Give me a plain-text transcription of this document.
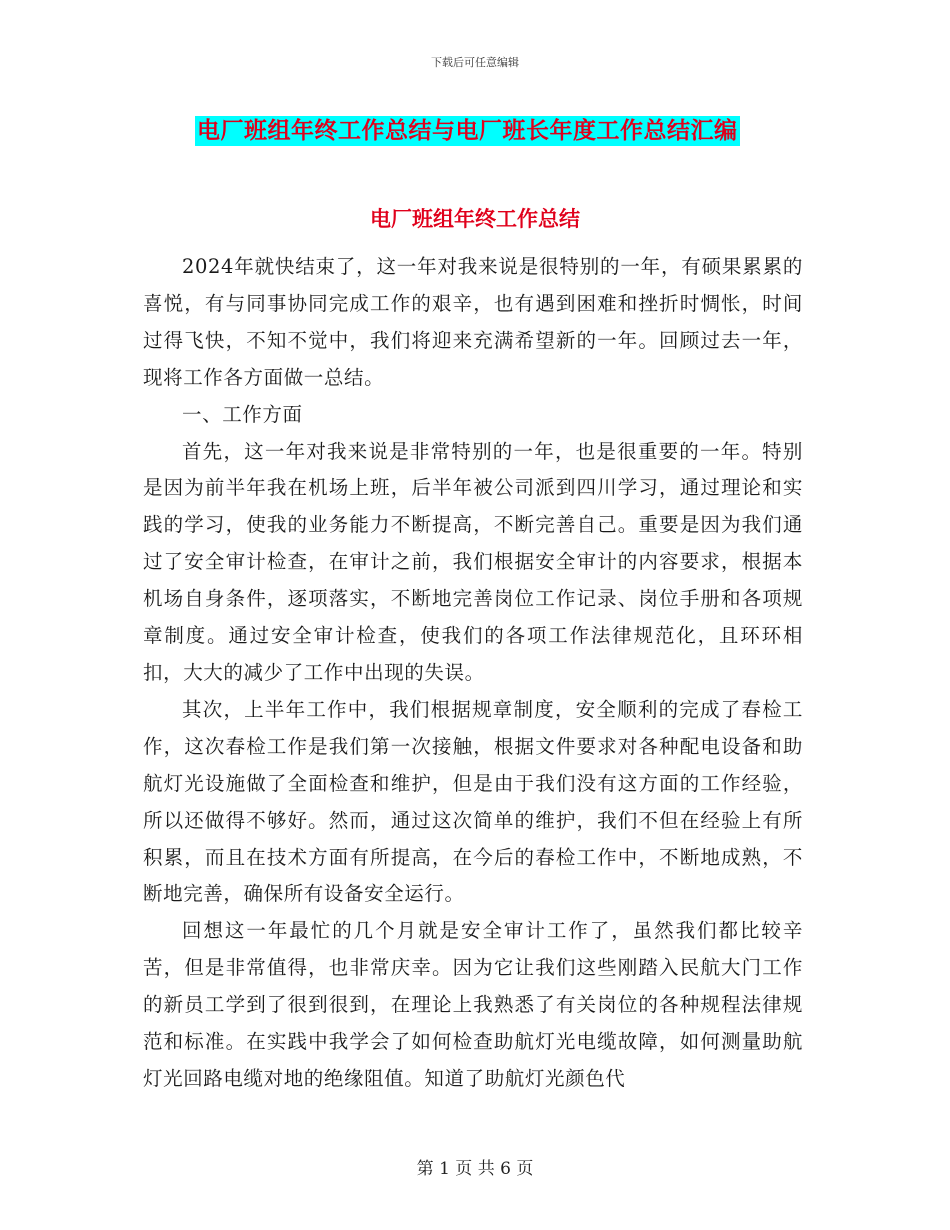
下载后可任意编辑
电厂班组年终工作总结与电厂班长年度工作总结汇编
电厂班组年终工作总结

2024年就快结束了，这一年对我来说是很特别的一年，有硕果累累的喜悦，有与同事协同完成工作的艰辛，也有遇到困难和挫折时惆怅，时间过得飞快，不知不觉中，我们将迎来充满希望新的一年。回顾过去一年，现将工作各方面做一总结。

一、工作方面

首先，这一年对我来说是非常特别的一年，也是很重要的一年。特别是因为前半年我在机场上班，后半年被公司派到四川学习，通过理论和实践的学习，使我的业务能力不断提高，不断完善自己。重要是因为我们通过了安全审计检查，在审计之前，我们根据安全审计的内容要求，根据本机场自身条件，逐项落实，不断地完善岗位工作记录、岗位手册和各项规章制度。通过安全审计检查，使我们的各项工作法律规范化，且环环相扣，大大的减少了工作中出现的失误。

其次，上半年工作中，我们根据规章制度，安全顺利的完成了春检工作，这次春检工作是我们第一次接触，根据文件要求对各种配电设备和助航灯光设施做了全面检查和维护，但是由于我们没有这方面的工作经验，所以还做得不够好。然而，通过这次简单的维护，我们不但在经验上有所积累，而且在技术方面有所提高，在今后的春检工作中，不断地成熟，不断地完善，确保所有设备安全运行。

回想这一年最忙的几个月就是安全审计工作了，虽然我们都比较辛苦，但是非常值得，也非常庆幸。因为它让我们这些刚踏入民航大门工作的新员工学到了很到很到，在理论上我熟悉了有关岗位的各种规程法律规范和标准。在实践中我学会了如何检查助航灯光电缆故障，如何测量助航灯光回路电缆对地的绝缘阻值。知道了助航灯光颜色代

第 1 页 共 6 页
